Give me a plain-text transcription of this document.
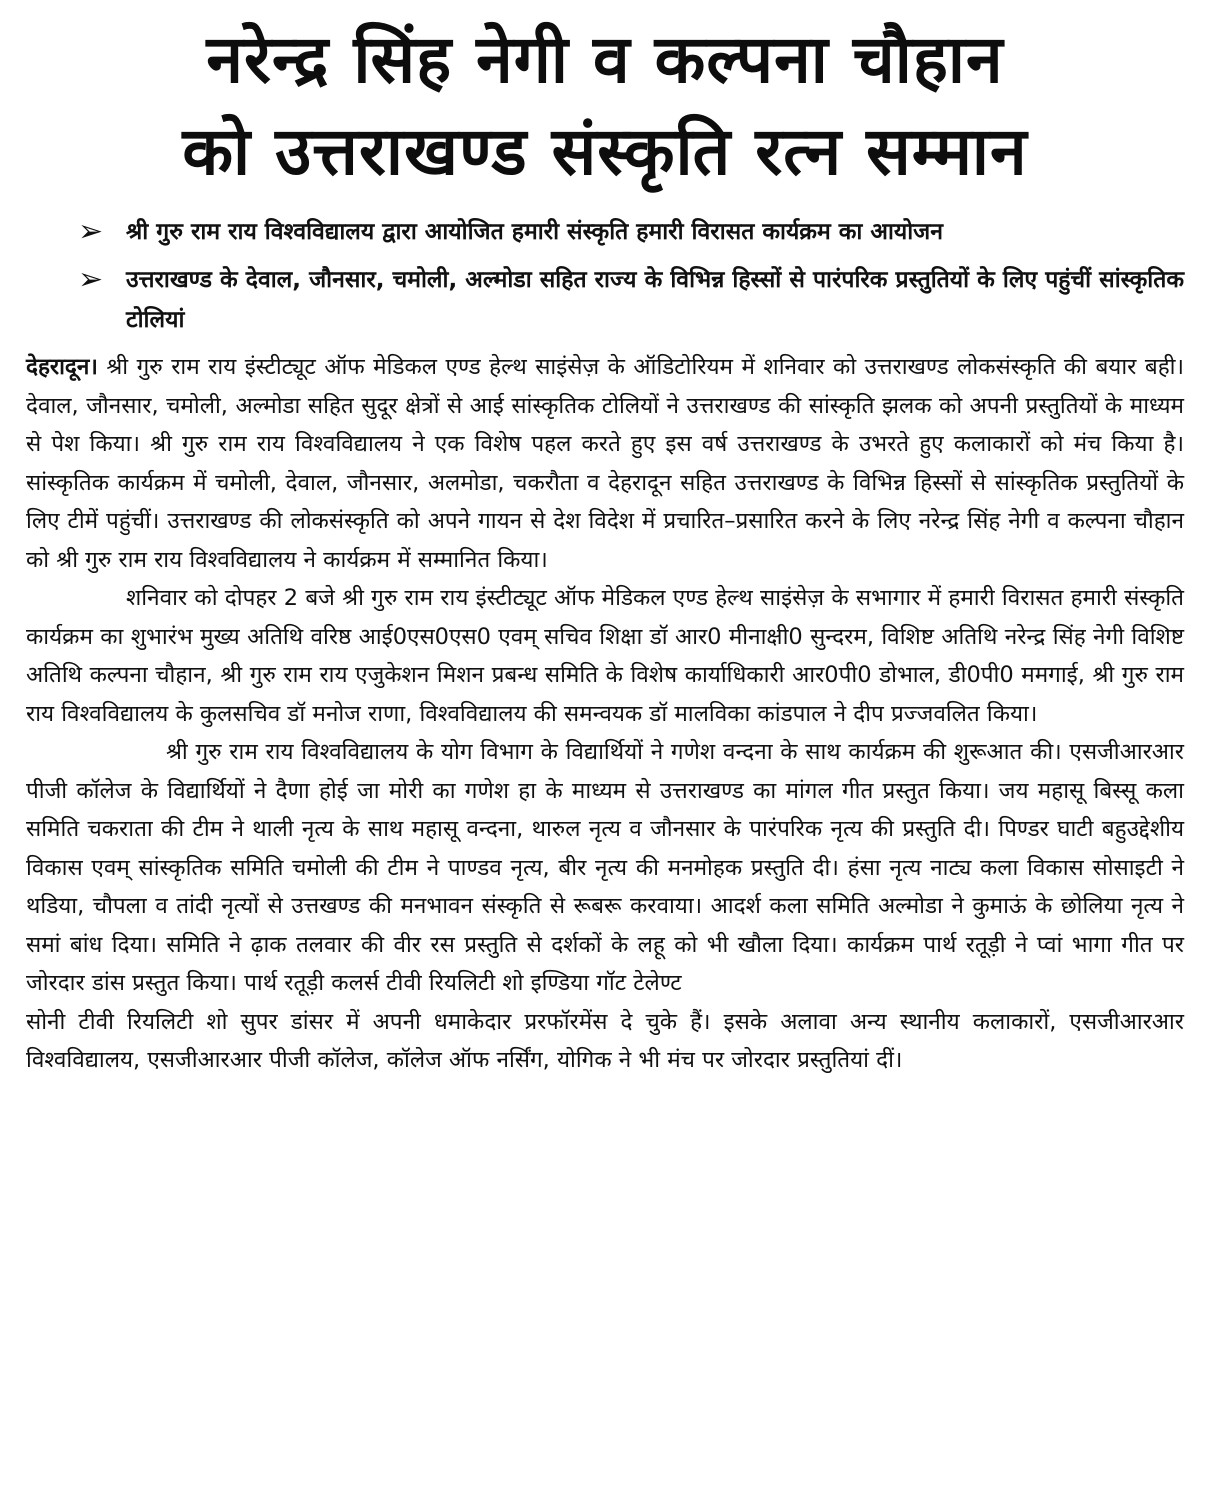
नरेन्द्र सिंह नेगी व कल्पना चौहान
को उत्तराखण्ड संस्कृति रत्न सम्मान
➢ श्री गुरु राम राय विश्वविद्यालय द्वारा आयोजित हमारी संस्कृति हमारी विरासत कार्यक्रम का आयोजन
➢ उत्तराखण्ड के देवाल, जौनसार, चमोली, अल्मोडा सहित राज्य के विभिन्न हिस्सों से पारंपरिक प्रस्तुतियों के लिए पहुंचीं सांस्कृतिक टोलियां

देहरादून। श्री गुरु राम राय इंस्टीट्यूट ऑफ मेडिकल एण्ड हेल्थ साइंसेज़ के ऑडिटोरियम में शनिवार को उत्तराखण्ड लोकसंस्कृति की बयार बही। देवाल, जौनसार, चमोली, अल्मोडा सहित सुदूर क्षेत्रों से आई सांस्कृतिक टोलियों ने उत्तराखण्ड की सांस्कृति झलक को अपनी प्रस्तुतियों के माध्यम से पेश किया। श्री गुरु राम राय विश्वविद्यालय ने एक विशेष पहल करते हुए इस वर्ष उत्तराखण्ड के उभरते हुए कलाकारों को मंच किया है। सांस्कृतिक कार्यक्रम में चमोली, देवाल, जौनसार, अलमोडा, चकरौता व देहरादून सहित उत्तराखण्ड के विभिन्न हिस्सों से सांस्कृतिक प्रस्तुतियों के लिए टीमें पहुंचीं। उत्तराखण्ड की लोकसंस्कृति को अपने गायन से देश विदेश में प्रचारित–प्रसारित करने के लिए नरेन्द्र सिंह नेगी व कल्पना चौहान को श्री गुरु राम राय विश्वविद्यालय ने कार्यक्रम में सम्मानित किया।

शनिवार को दोपहर 2 बजे श्री गुरु राम राय इंस्टीट्यूट ऑफ मेडिकल एण्ड हेल्थ साइंसेज़ के सभागार में हमारी विरासत हमारी संस्कृति कार्यक्रम का शुभारंभ मुख्य अतिथि वरिष्ठ आई0एस0एस0 एवम् सचिव शिक्षा डॉ आर0 मीनाक्षी0 सुन्दरम, विशिष्ट अतिथि नरेन्द्र सिंह नेगी विशिष्ट अतिथि कल्पना चौहान, श्री गुरु राम राय एजुकेशन मिशन प्रबन्ध समिति के विशेष कार्याधिकारी आर0पी0 डोभाल, डी0पी0 ममगाई, श्री गुरु राम राय विश्वविद्यालय के कुलसचिव डॉ मनोज राणा, विश्वविद्यालय की समन्वयक डॉ मालविका कांडपाल ने दीप प्रज्जवलित किया।

श्री गुरु राम राय विश्वविद्यालय के योग विभाग के विद्यार्थियों ने गणेश वन्दना के साथ कार्यक्रम की शुरूआत की। एसजीआरआर पीजी कॉलेज के विद्यार्थियों ने दैणा होई जा मोरी का गणेश हा के माध्यम से उत्तराखण्ड का मांगल गीत प्रस्तुत किया। जय महासू बिस्सू कला समिति चकराता की टीम ने थाली नृत्य के साथ महासू वन्दना, थारुल नृत्य व जौनसार के पारंपरिक नृत्य की प्रस्तुति दी। पिण्डर घाटी बहुउद्देशीय विकास एवम् सांस्कृतिक समिति चमोली की टीम ने पाण्डव नृत्य, बीर नृत्य की मनमोहक प्रस्तुति दी। हंसा नृत्य नाट्य कला विकास सोसाइटी ने थडिया, चौपला व तांदी नृत्यों से उत्तखण्ड की मनभावन संस्कृति से रूबरू करवाया। आदर्श कला समिति अल्मोडा ने कुमाऊं के छोलिया नृत्य ने समां बांध दिया। समिति ने ढ़ाक तलवार की वीर रस प्रस्तुति से दर्शकों के लहू को भी खौला दिया। कार्यक्रम पार्थ रतूड़ी ने प्वां भागा गीत पर जोरदार डांस प्रस्तुत किया। पार्थ रतूड़ी कलर्स टीवी रियलिटी शो इण्डिया गॉट टेलेण्ट

सोनी टीवी रियलिटी शो सुपर डांसर में अपनी धमाकेदार प्ररफॉरमेंस दे चुके हैं। इसके अलावा अन्य स्थानीय कलाकारों, एसजीआरआर विश्वविद्यालय, एसजीआरआर पीजी कॉलेज, कॉलेज ऑफ नर्सिंग, योगिक ने भी मंच पर जोरदार प्रस्तुतियां दीं।
